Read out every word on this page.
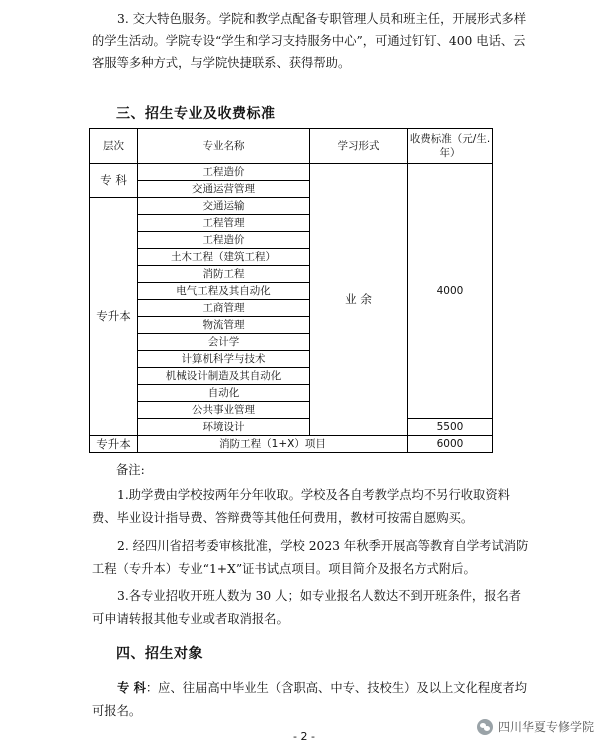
3. 交大特色服务。学院和教学点配备专职管理人员和班主任，开展形式多样的学生活动。学院专设“学生和学习支持服务中心”，可通过钉钉、400 电话、云客服等多种方式，与学院快捷联系、获得帮助。

三、招生专业及收费标准

层次	专业名称	学习形式	收费标准（元/生. 年）
专 科	工程造价	业 余	4000
	交通运营管理		
专升本	交通运输		
	工程管理		
	工程造价		
	土木工程（建筑工程）		
	消防工程		
	电气工程及其自动化		
	工商管理		
	物流管理		
	会计学		
	计算机科学与技术		
	机械设计制造及其自动化		
	自动化		
	公共事业管理		
	环境设计		5500
专升本	消防工程（1+X）项目		6000

备注:

1.助学费由学校按两年分年收取。学校及各自考教学点均不另行收取资料费、毕业设计指导费、答辩费等其他任何费用，教材可按需自愿购买。

2. 经四川省招考委审核批准，学校 2023 年秋季开展高等教育自学考试消防工程（专升本）专业“1+X”证书试点项目。项目简介及报名方式附后。

3.各专业招收开班人数为 30 人；如专业报名人数达不到开班条件，报名者可申请转报其他专业或者取消报名。

四、招生对象

专 科：应、往届高中毕业生（含职高、中专、技校生）及以上文化程度者均可报名。

- 2 -
四川华夏专修学院
